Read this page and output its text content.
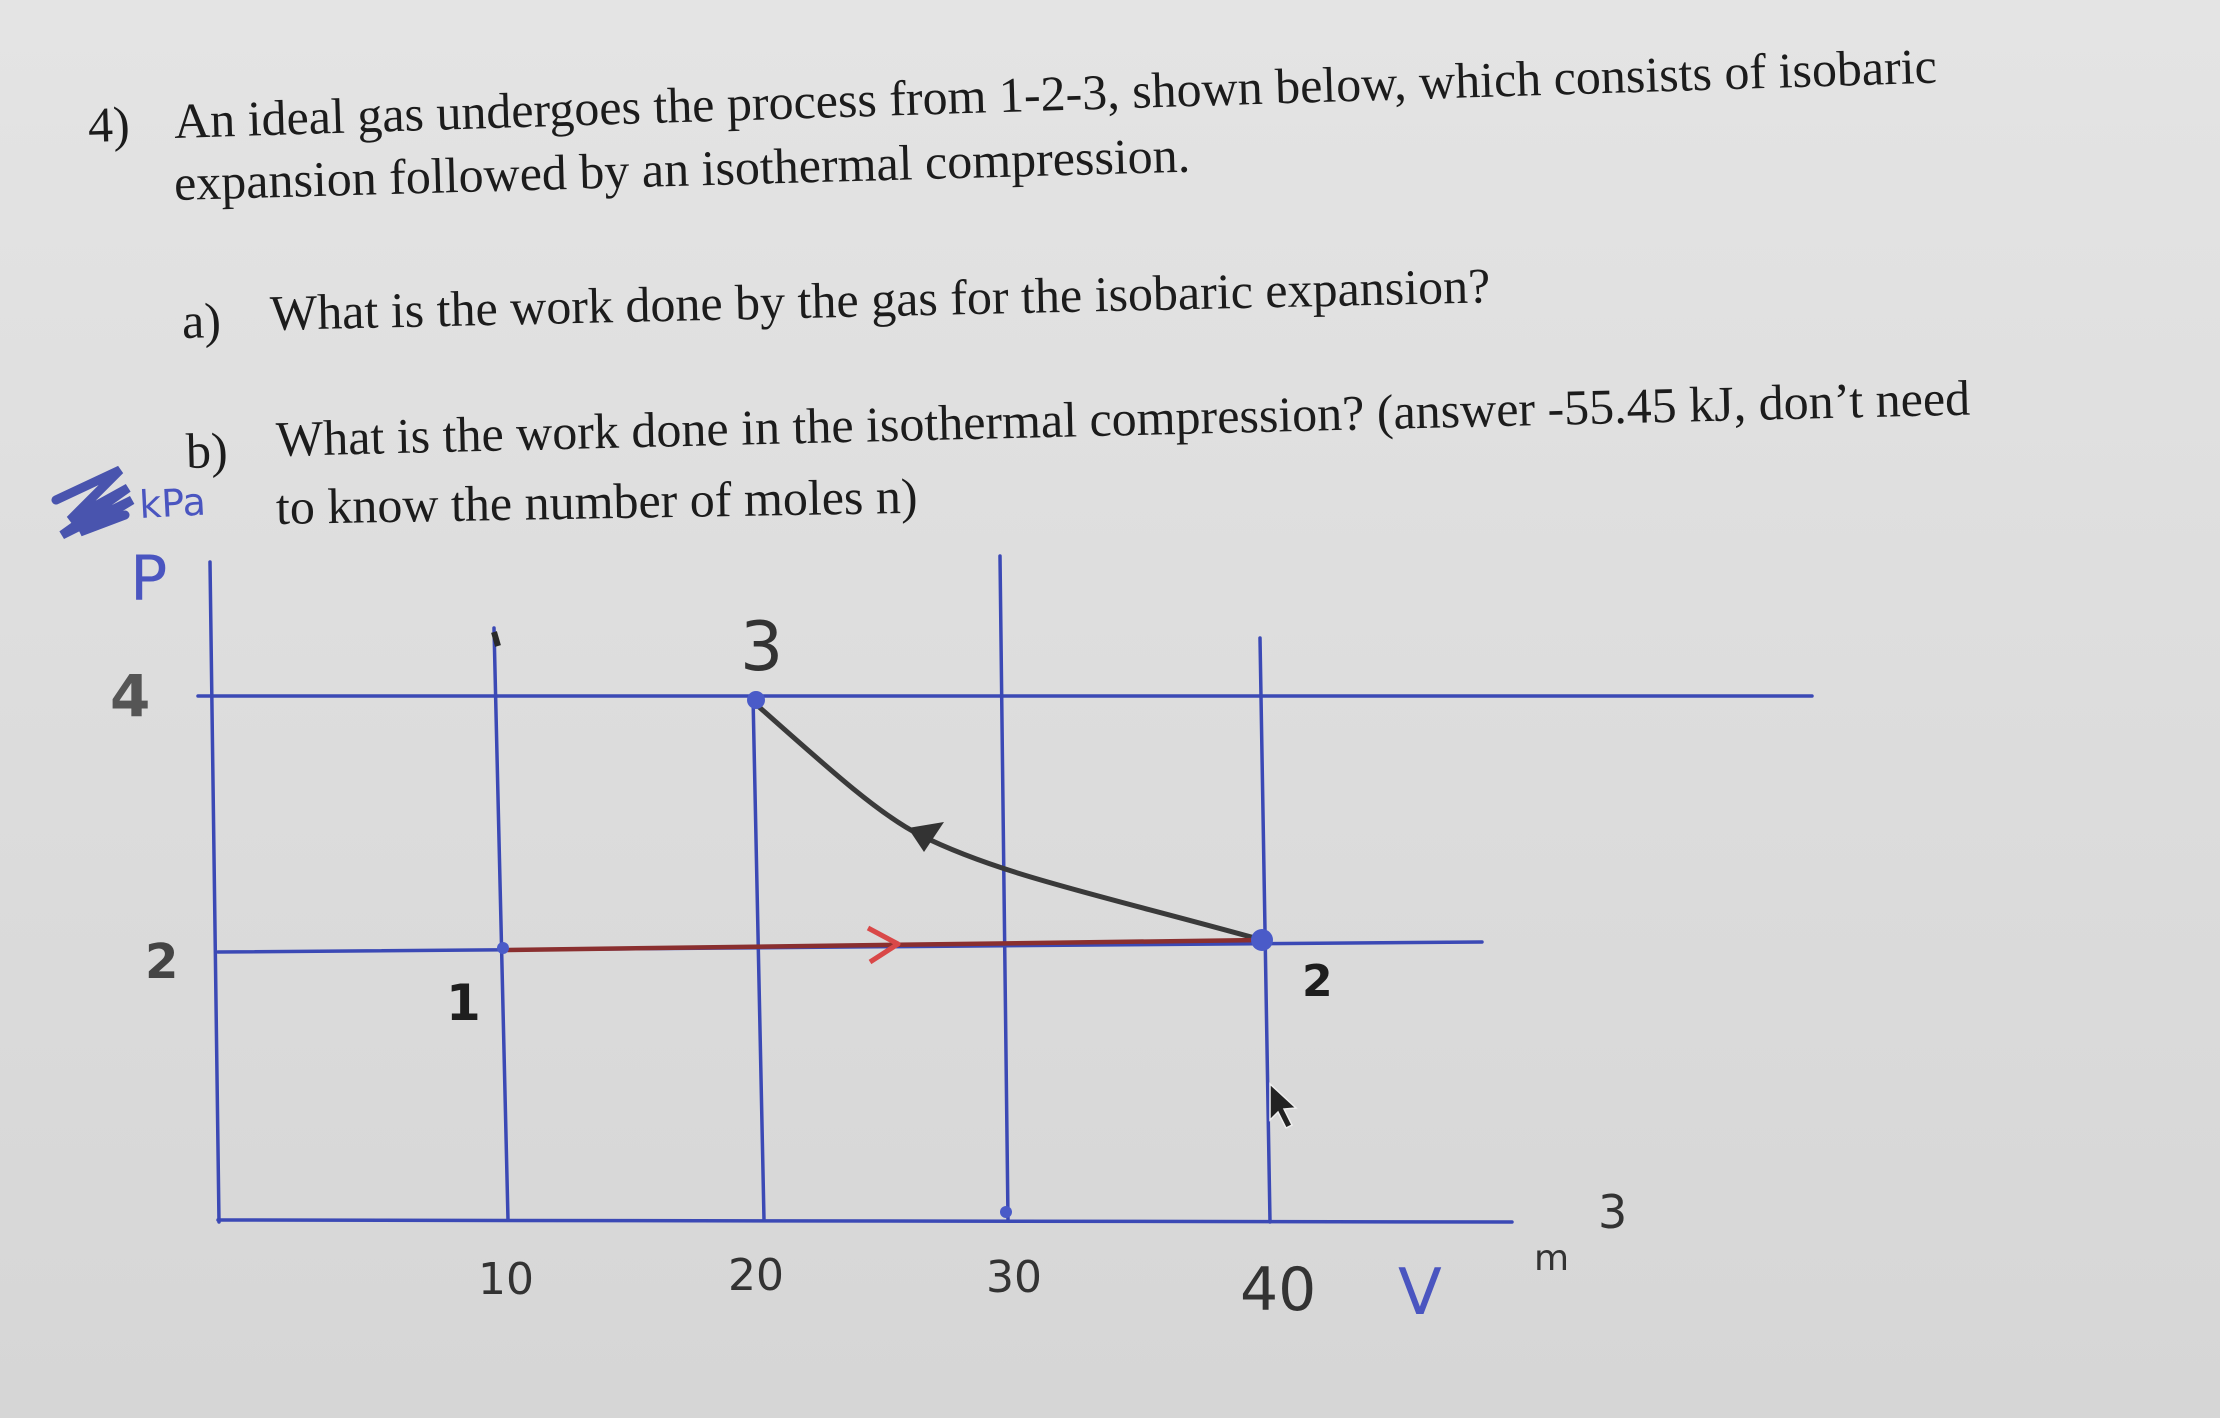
4) An ideal gas undergoes the process from 1-2-3, shown below, which consists of isobaric
expansion followed by an isothermal compression.
a) What is the work done by the gas for the isobaric expansion?
b) What is the work done in the isothermal compression? (answer -55.45 kJ, don’t need
to know the number of moles n)
kPa
P
4
2
1	2
3
10	20	30	40 V	m
3
